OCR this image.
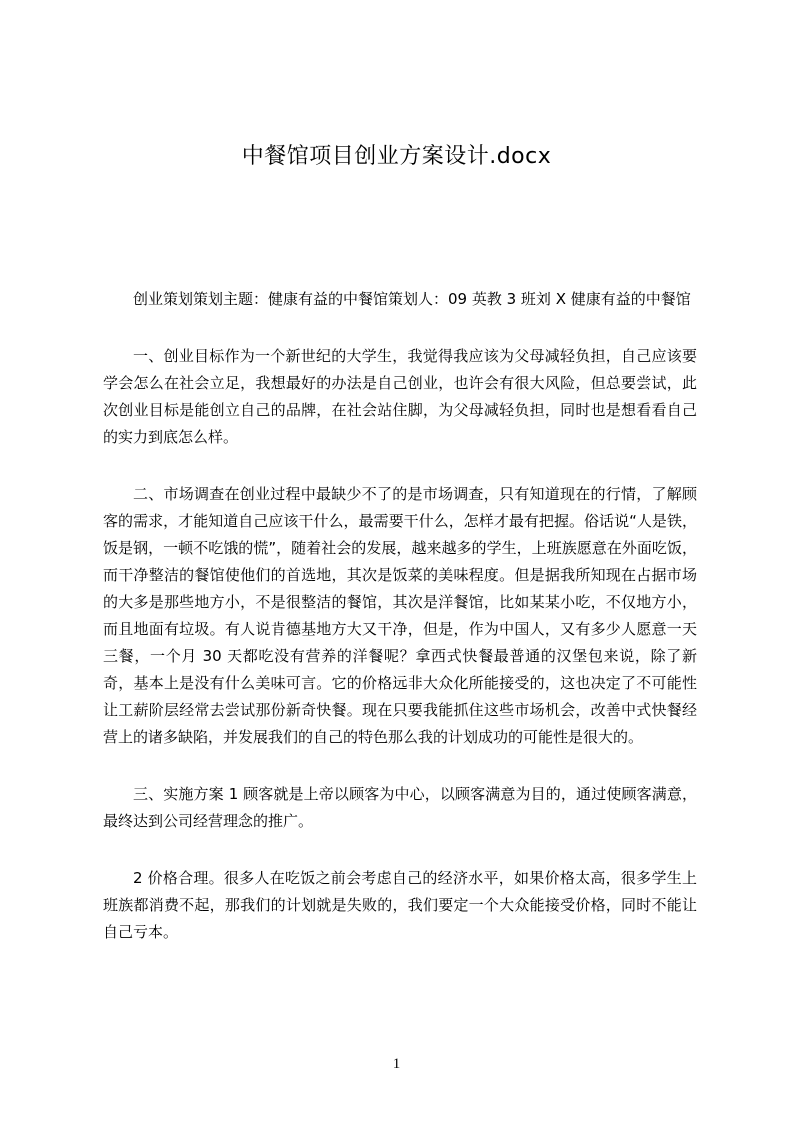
中餐馆项目创业方案设计.docx

创业策划策划主题：健康有益的中餐馆策划人：09 英教 3 班刘 X 健康有益的中餐馆

一、创业目标作为一个新世纪的大学生，我觉得我应该为父母减轻负担，自己应该要学会怎么在社会立足，我想最好的办法是自己创业，也许会有很大风险，但总要尝试，此次创业目标是能创立自己的品牌，在社会站住脚，为父母减轻负担，同时也是想看看自己的实力到底怎么样。

二、市场调查在创业过程中最缺少不了的是市场调查，只有知道现在的行情，了解顾客的需求，才能知道自己应该干什么，最需要干什么，怎样才最有把握。俗话说“人是铁，饭是钢，一顿不吃饿的慌”，随着社会的发展，越来越多的学生，上班族愿意在外面吃饭，而干净整洁的餐馆使他们的首选地，其次是饭菜的美味程度。但是据我所知现在占据市场的大多是那些地方小，不是很整洁的餐馆，其次是洋餐馆，比如某某小吃，不仅地方小，而且地面有垃圾。有人说肯德基地方大又干净，但是，作为中国人，又有多少人愿意一天三餐，一个月 30 天都吃没有营养的洋餐呢？拿西式快餐最普通的汉堡包来说，除了新奇，基本上是没有什么美味可言。它的价格远非大众化所能接受的，这也决定了不可能性让工薪阶层经常去尝试那份新奇快餐。现在只要我能抓住这些市场机会，改善中式快餐经营上的诸多缺陷，并发展我们的自己的特色那么我的计划成功的可能性是很大的。

三、实施方案 1 顾客就是上帝以顾客为中心，以顾客满意为目的，通过使顾客满意，最终达到公司经营理念的推广。

2 价格合理。很多人在吃饭之前会考虑自己的经济水平，如果价格太高，很多学生上班族都消费不起，那我们的计划就是失败的，我们要定一个大众能接受价格，同时不能让自己亏本。

1
